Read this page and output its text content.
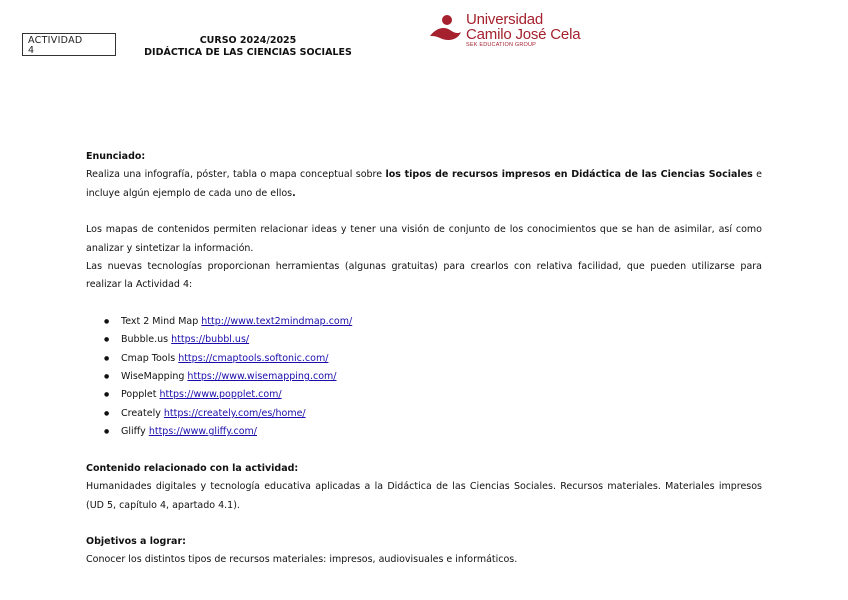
ACTIVIDAD
4
CURSO 2024/2025
DIDÁCTICA DE LAS CIENCIAS SOCIALES
Universidad
Camilo José Cela
SEK EDUCATION GROUP

Enunciado:

Realiza una infografía, póster, tabla o mapa conceptual sobre los tipos de recursos impresos en Didáctica de las Ciencias Sociales e incluye algún ejemplo de cada uno de ellos.

Los mapas de contenidos permiten relacionar ideas y tener una visión de conjunto de los conocimientos que se han de asimilar, así como analizar y sintetizar la información.

Las nuevas tecnologías proporcionan herramientas (algunas gratuitas) para crearlos con relativa facilidad, que pueden utilizarse para realizar la Actividad 4:

● Text 2 Mind Map http://www.text2mindmap.com/
● Bubble.us https://bubbl.us/
● Cmap Tools https://cmaptools.softonic.com/
● WiseMapping https://www.wisemapping.com/
● Popplet https://www.popplet.com/
● Creately https://creately.com/es/home/
● Gliffy https://www.gliffy.com/

Contenido relacionado con la actividad:

Humanidades digitales y tecnología educativa aplicadas a la Didáctica de las Ciencias Sociales. Recursos materiales. Materiales impresos (UD 5, capítulo 4, apartado 4.1).

Objetivos a lograr:

Conocer los distintos tipos de recursos materiales: impresos, audiovisuales e informáticos.
